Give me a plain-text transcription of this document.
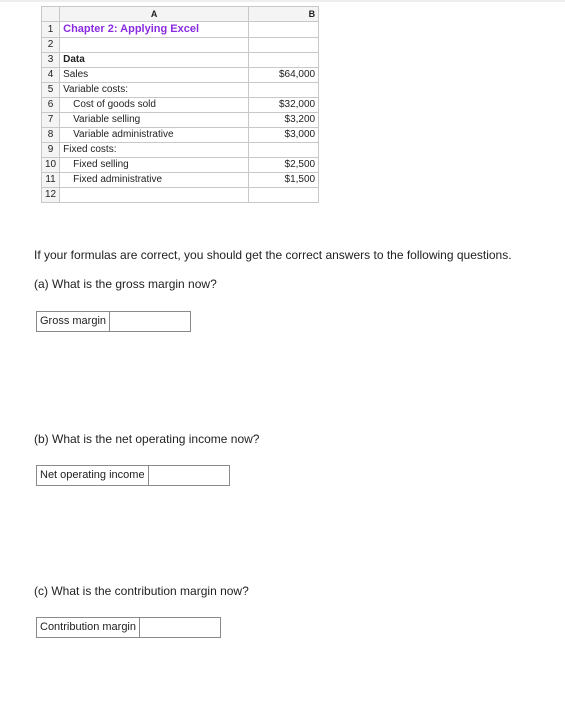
	A	B
1	Chapter 2: Applying Excel	
2		
3	Data	
4	Sales	$64,000
5	Variable costs:	
6	Cost of goods sold	$32,000
7	Variable selling	$3,200
8	Variable administrative	$3,000
9	Fixed costs:	
10	Fixed selling	$2,500
11	Fixed administrative	$1,500
12		
If your formulas are correct, you should get the correct answers to the following questions.
(a) What is the gross margin now?
Gross margin
(b) What is the net operating income now?
Net operating income
(c) What is the contribution margin now?
Contribution margin
